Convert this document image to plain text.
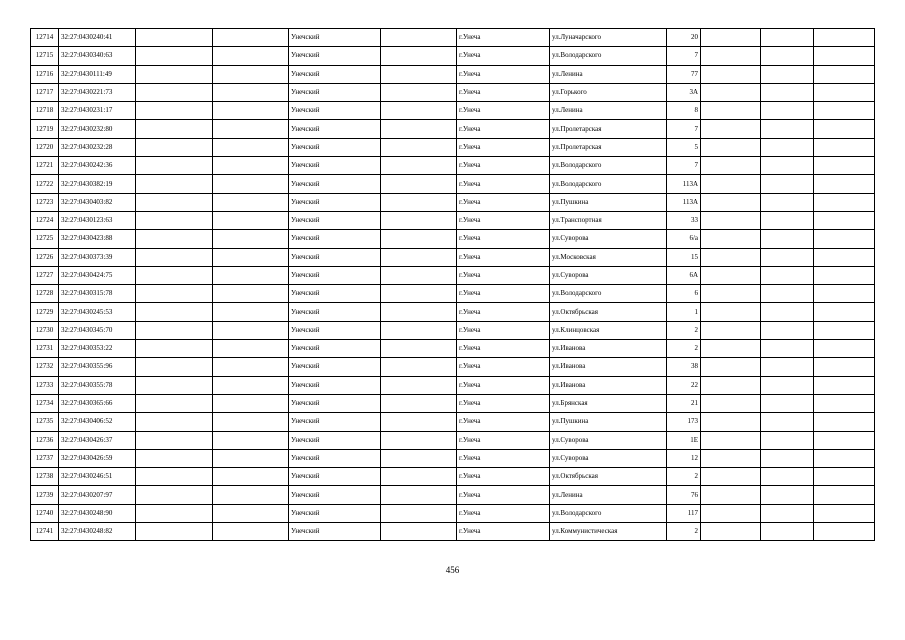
12714	32:27:0430240:41			Унечский		г.Унеча	ул.Луначарского	20			
12715	32:27:0430340:63			Унечский		г.Унеча	ул.Володарского	7			
12716	32:27:0430111:49			Унечский		г.Унеча	ул.Ленина	77			
12717	32:27:0430221:73			Унечский		г.Унеча	ул.Горького	3А			
12718	32:27:0430231:17			Унечский		г.Унеча	ул.Ленина	8			
12719	32:27:0430232:80			Унечский		г.Унеча	ул.Пролетарская	7			
12720	32:27:0430232:28			Унечский		г.Унеча	ул.Пролетарская	5			
12721	32:27:0430242:36			Унечский		г.Унеча	ул.Володарского	7			
12722	32:27:0430382:19			Унечский		г.Унеча	ул.Володарского	113А			
12723	32:27:0430403:82			Унечский		г.Унеча	ул.Пушкина	113А			
12724	32:27:0430123:63			Унечский		г.Унеча	ул.Транспортная	33			
12725	32:27:0430423:88			Унечский		г.Унеча	ул.Суворова	6/а			
12726	32:27:0430373:39			Унечский		г.Унеча	ул.Московская	15			
12727	32:27:0430424:75			Унечский		г.Унеча	ул.Суворова	6А			
12728	32:27:0430315:78			Унечский		г.Унеча	ул.Володарского	6			
12729	32:27:0430245:53			Унечский		г.Унеча	ул.Октябрьская	1			
12730	32:27:0430345:70			Унечский		г.Унеча	ул.Клинцовская	2			
12731	32:27:0430353:22			Унечский		г.Унеча	ул.Иванова	2			
12732	32:27:0430355:96			Унечский		г.Унеча	ул.Иванова	38			
12733	32:27:0430355:78			Унечский		г.Унеча	ул.Иванова	22			
12734	32:27:0430365:66			Унечский		г.Унеча	ул.Брянская	21			
12735	32:27:0430406:52			Унечский		г.Унеча	ул.Пушкина	173			
12736	32:27:0430426:37			Унечский		г.Унеча	ул.Суворова	1Е			
12737	32:27:0430426:59			Унечский		г.Унеча	ул.Суворова	12			
12738	32:27:0430246:51			Унечский		г.Унеча	ул.Октябрьская	2			
12739	32:27:0430207:97			Унечский		г.Унеча	ул.Ленина	76			
12740	32:27:0430248:90			Унечский		г.Унеча	ул.Володарского	117			
12741	32:27:0430248:82			Унечский		г.Унеча	ул.Коммунистическая	2			
456
